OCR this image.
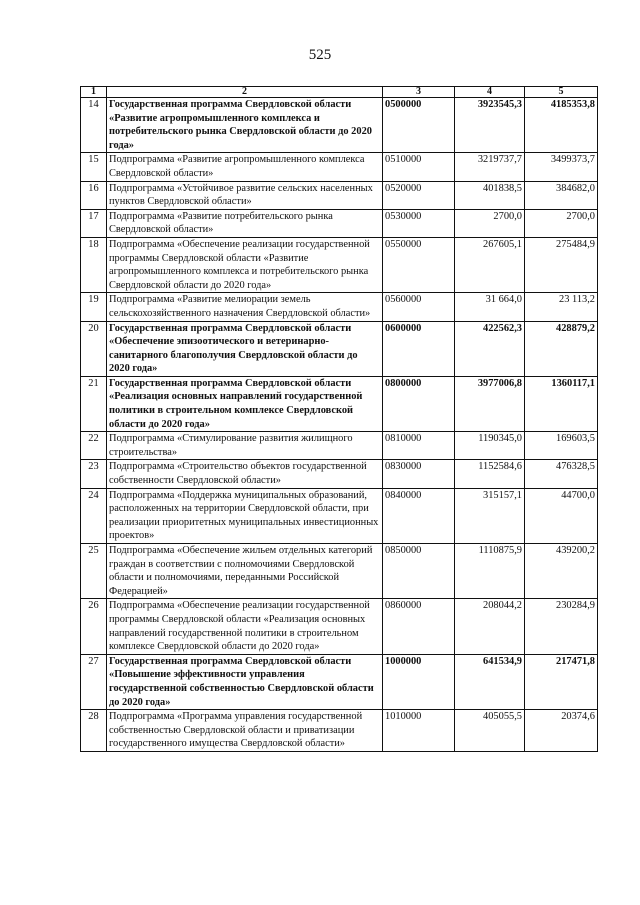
525
1	2	3	4	5
14	Государственная программа Свердловской области «Развитие агропромышленного комплекса и потребительского рынка Свердловской области до 2020 года»	0500000	3923545,3	4185353,8
15	Подпрограмма «Развитие агропромышленного комплекса Свердловской области»	0510000	3219737,7	3499373,7
16	Подпрограмма «Устойчивое развитие сельских населенных пунктов Свердловской области»	0520000	401838,5	384682,0
17	Подпрограмма «Развитие потребительского рынка Свердловской области»	0530000	2700,0	2700,0
18	Подпрограмма «Обеспечение реализации государственной программы Свердловской области «Развитие агропромышленного комплекса и потребительского рынка Свердловской области до 2020 года»	0550000	267605,1	275484,9
19	Подпрограмма «Развитие мелиорации земель сельскохозяйственного назначения Свердловской области»	0560000	31 664,0	23 113,2
20	Государственная программа Свердловской области «Обеспечение эпизоотического и ветеринарно-санитарного благополучия Свердловской области до 2020 года»	0600000	422562,3	428879,2
21	Государственная программа Свердловской области «Реализация основных направлений государственной политики в строительном комплексе Свердловской области до 2020 года»	0800000	3977006,8	1360117,1
22	Подпрограмма «Стимулирование развития жилищного строительства»	0810000	1190345,0	169603,5
23	Подпрограмма «Строительство объектов государственной собственности Свердловской области»	0830000	1152584,6	476328,5
24	Подпрограмма «Поддержка муниципальных образований, расположенных на территории Свердловской области, при реализации приоритетных муниципальных инвестиционных проектов»	0840000	315157,1	44700,0
25	Подпрограмма «Обеспечение жильем отдельных категорий граждан в соответствии с полномочиями Свердловской области и полномочиями, переданными Российской Федерацией»	0850000	1110875,9	439200,2
26	Подпрограмма «Обеспечение реализации государственной программы Свердловской области «Реализация основных направлений государственной политики в строительном комплексе Свердловской области до 2020 года»	0860000	208044,2	230284,9
27	Государственная программа Свердловской области «Повышение эффективности управления государственной собственностью Свердловской области до 2020 года»	1000000	641534,9	217471,8
28	Подпрограмма «Программа управления государственной собственностью Свердловской области и приватизации государственного имущества Свердловской области»	1010000	405055,5	20374,6
